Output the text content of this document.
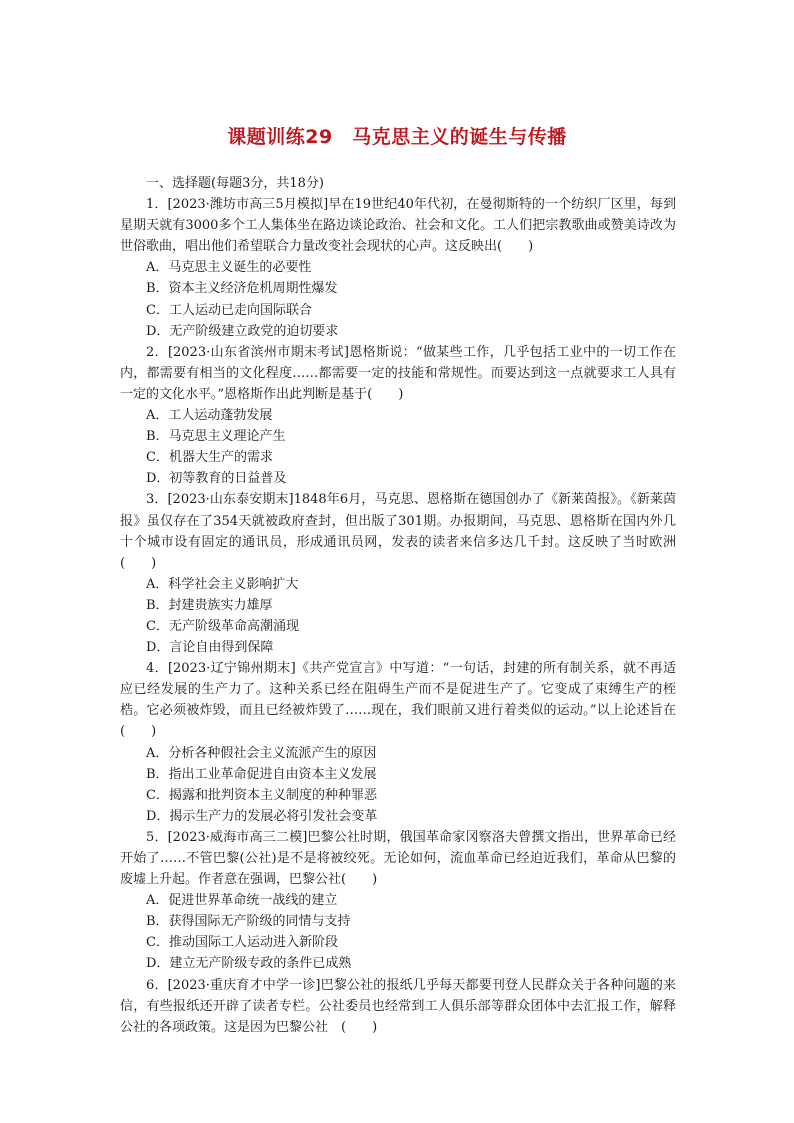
课题训练29　马克思主义的诞生与传播

一、选择题(每题3分，共18分)

1．[2023·潍坊市高三5月模拟]早在19世纪40年代初，在曼彻斯特的一个纺织厂区里，每到星期天就有3000多个工人集体坐在路边谈论政治、社会和文化。工人们把宗教歌曲或赞美诗改为世俗歌曲，唱出他们希望联合力量改变社会现状的心声。这反映出(　　)

A．马克思主义诞生的必要性
B．资本主义经济危机周期性爆发
C．工人运动已走向国际联合
D．无产阶级建立政党的迫切要求

2．[2023·山东省滨州市期末考试]恩格斯说：“做某些工作，几乎包括工业中的一切工作在内，都需要有相当的文化程度……都需要一定的技能和常规性。而要达到这一点就要求工人具有一定的文化水平。”恩格斯作出此判断是基于(　　)

A．工人运动蓬勃发展
B．马克思主义理论产生
C．机器大生产的需求
D．初等教育的日益普及

3．[2023·山东泰安期末]1848年6月，马克思、恩格斯在德国创办了《新莱茵报》。《新莱茵报》虽仅存在了354天就被政府查封，但出版了301期。办报期间，马克思、恩格斯在国内外几十个城市设有固定的通讯员，形成通讯员网，发表的读者来信多达几千封。这反映了当时欧洲　(　　)

A．科学社会主义影响扩大
B．封建贵族实力雄厚
C．无产阶级革命高潮涌现
D．言论自由得到保障

4．[2023·辽宁锦州期末]《共产党宣言》中写道：“一句话，封建的所有制关系，就不再适应已经发展的生产力了。这种关系已经在阻碍生产而不是促进生产了。它变成了束缚生产的桎梏。它必须被炸毁，而且已经被炸毁了……现在，我们眼前又进行着类似的运动。”以上论述旨在　(　　)

A．分析各种假社会主义流派产生的原因
B．指出工业革命促进自由资本主义发展
C．揭露和批判资本主义制度的种种罪恶
D．揭示生产力的发展必将引发社会变革

5．[2023·威海市高三二模]巴黎公社时期，俄国革命家冈察洛夫曾撰文指出，世界革命已经开始了……不管巴黎(公社)是不是将被绞死。无论如何，流血革命已经迫近我们，革命从巴黎的废墟上升起。作者意在强调，巴黎公社(　　)

A．促进世界革命统一战线的建立
B．获得国际无产阶级的同情与支持
C．推动国际工人运动进入新阶段
D．建立无产阶级专政的条件已成熟

6．[2023·重庆育才中学一诊]巴黎公社的报纸几乎每天都要刊登人民群众关于各种问题的来信，有些报纸还开辟了读者专栏。公社委员也经常到工人俱乐部等群众团体中去汇报工作，解释公社的各项政策。这是因为巴黎公社　(　　)
